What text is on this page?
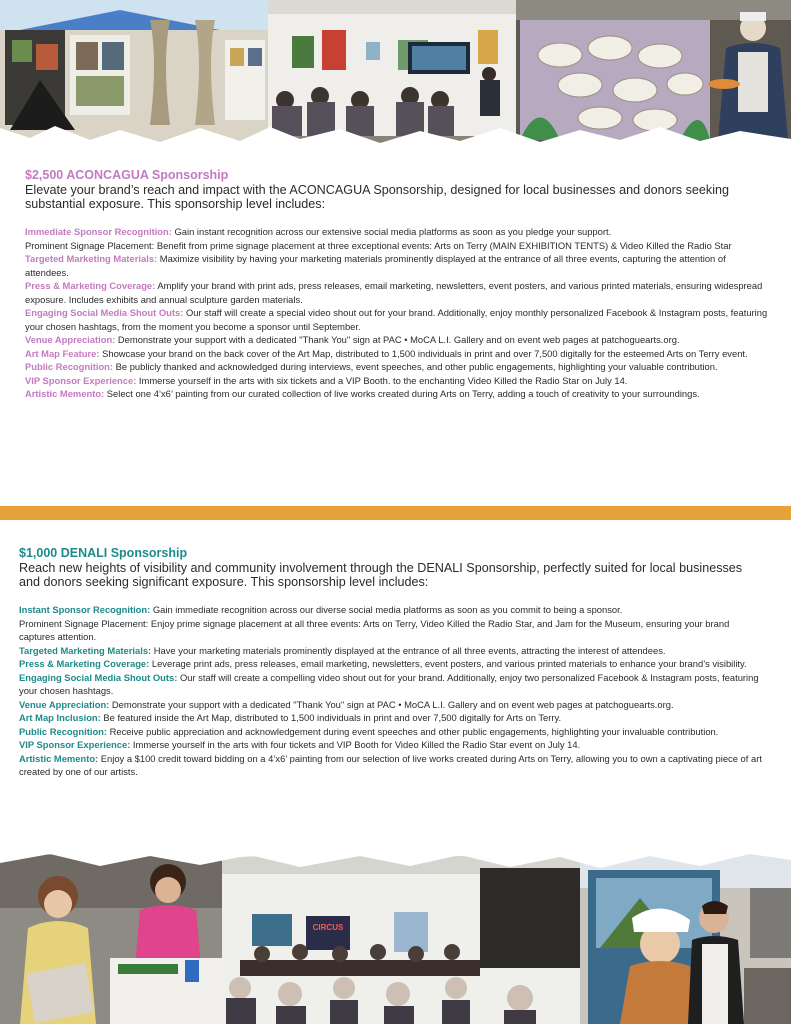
$2,500 ACONCAGUA Sponsorship

Elevate your brand’s reach and impact with the ACONCAGUA Sponsorship, designed for local businesses and donors seeking substantial exposure. This sponsorship level includes:

Immediate Sponsor Recognition: Gain instant recognition across our extensive social media platforms as soon as you pledge your support.
Prominent Signage Placement: Benefit from prime signage placement at three exceptional events: Arts on Terry (MAIN EXHIBITION TENTS) & Video Killed the Radio Star
Targeted Marketing Materials: Maximize visibility by having your marketing materials prominently displayed at the entrance of all three events, capturing the attention of attendees.
Press & Marketing Coverage: Amplify your brand with print ads, press releases, email marketing, newsletters, event posters, and various printed materials, ensuring widespread exposure. Includes exhibits and annual sculpture garden materials.
Engaging Social Media Shout Outs: Our staff will create a special video shout out for your brand. Additionally, enjoy monthly personalized Facebook & Instagram posts, featuring your chosen hashtags, from the moment you become a sponsor until September.
Venue Appreciation: Demonstrate your support with a dedicated "Thank You" sign at PAC • MoCA L.I. Gallery and on event web pages at patchoguearts.org.
Art Map Feature: Showcase your brand on the back cover of the Art Map, distributed to 1,500 individuals in print and over 7,500 digitally for the esteemed Arts on Terry event.
Public Recognition: Be publicly thanked and acknowledged during interviews, event speeches, and other public engagements, highlighting your valuable contribution.
VIP Sponsor Experience: Immerse yourself in the arts with six tickets and a VIP Booth. to the enchanting Video Killed the Radio Star on July 14.
Artistic Memento: Select one 4’x6’ painting from our curated collection of live works created during Arts on Terry, adding a touch of creativity to your surroundings.
$1,000 DENALI Sponsorship

Reach new heights of visibility and community involvement through the DENALI Sponsorship, perfectly suited for local businesses and donors seeking significant exposure. This sponsorship level includes:

Instant Sponsor Recognition: Gain immediate recognition across our diverse social media platforms as soon as you commit to being a sponsor.
Prominent Signage Placement: Enjoy prime signage placement at all three events: Arts on Terry, Video Killed the Radio Star, and Jam for the Museum, ensuring your brand captures attention.
Targeted Marketing Materials: Have your marketing materials prominently displayed at the entrance of all three events, attracting the interest of attendees.
Press & Marketing Coverage: Leverage print ads, press releases, email marketing, newsletters, event posters, and various printed materials to enhance your brand’s visibility.
Engaging Social Media Shout Outs: Our staff will create a compelling video shout out for your brand. Additionally, enjoy two personalized Facebook & Instagram posts, featuring your chosen hashtags.
Venue Appreciation: Demonstrate your support with a dedicated "Thank You" sign at PAC • MoCA L.I. Gallery and on event web pages at patchoguearts.org.
Art Map Inclusion: Be featured inside the Art Map, distributed to 1,500 individuals in print and over 7,500 digitally for Arts on Terry.
Public Recognition: Receive public appreciation and acknowledgement during event speeches and other public engagements, highlighting your invaluable contribution.
VIP Sponsor Experience: Immerse yourself in the arts with four tickets and VIP Booth for Video Killed the Radio Star event on July 14.
Artistic Memento: Enjoy a $100 credit toward bidding on a 4’x6’ painting from our selection of live works created during Arts on Terry, allowing you to own a captivating piece of art created by one of our artists.
CIRCUS
